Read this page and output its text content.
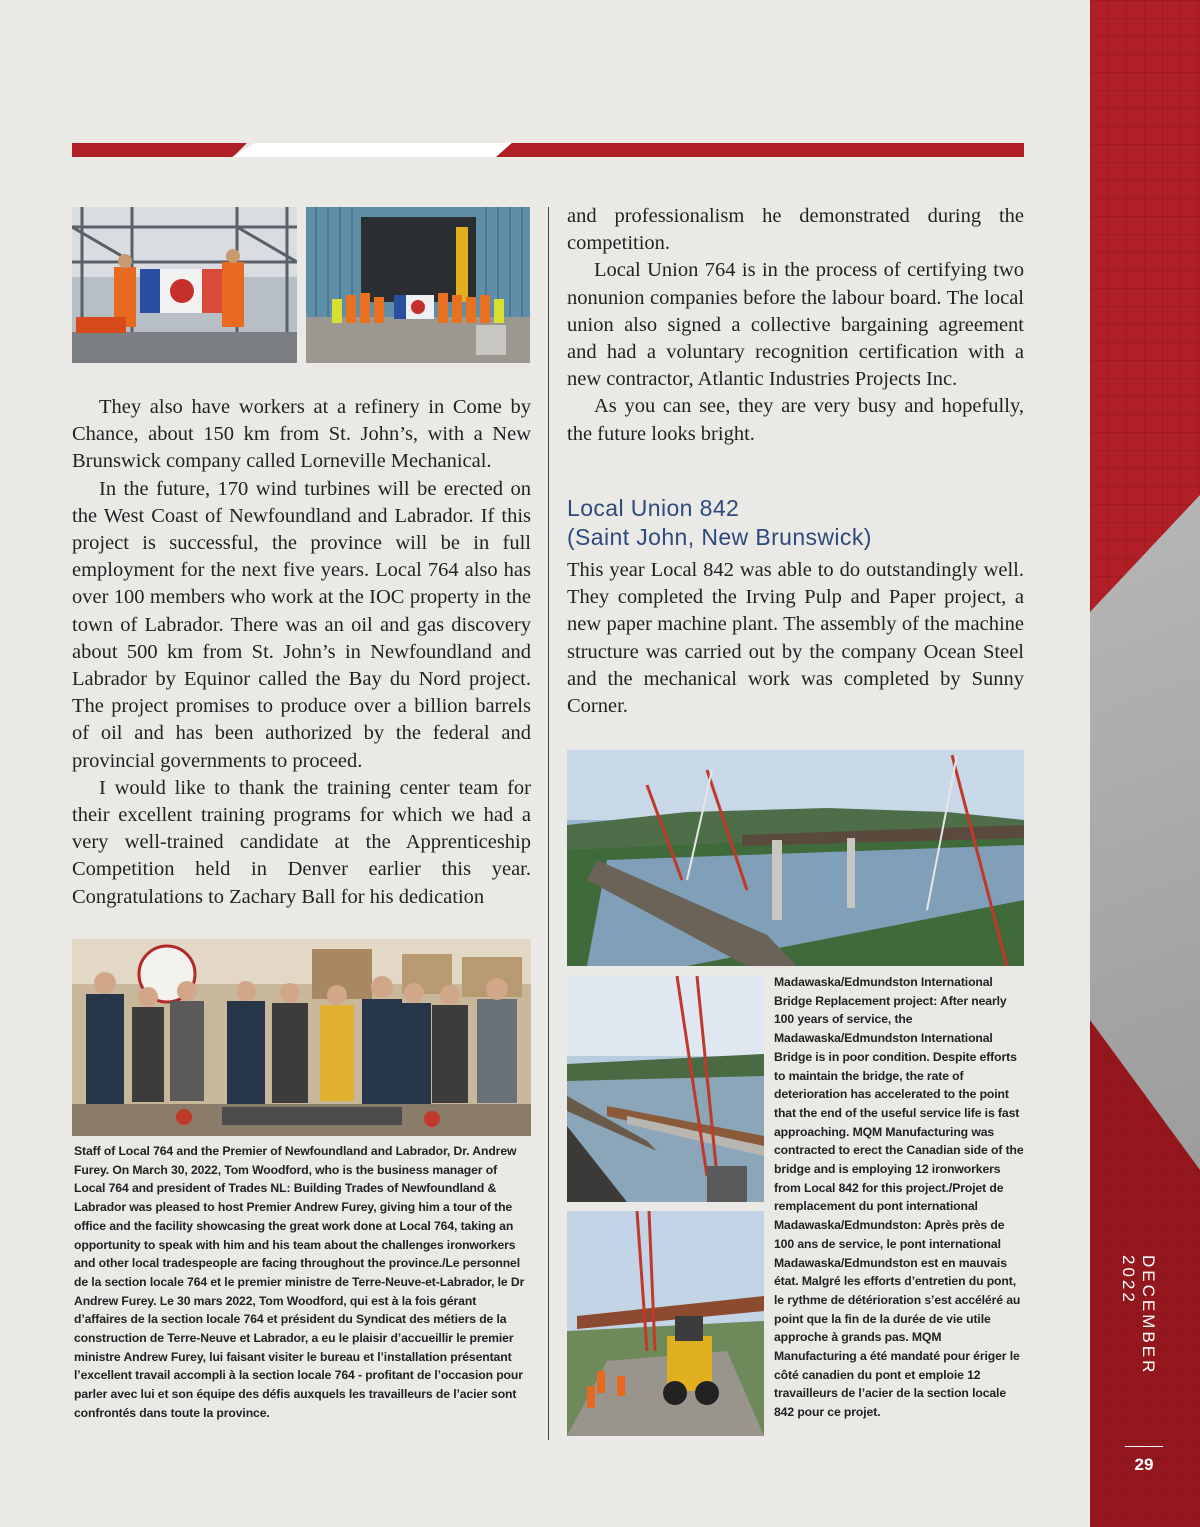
DECEMBER 2022
29

They also have workers at a refinery in Come by Chance, about 150 km from St. John’s, with a New Brunswick company called Lorneville Mechanical.

In the future, 170 wind turbines will be erected on the West Coast of Newfoundland and Labrador. If this project is successful, the province will be in full employment for the next five years. Local 764 also has over 100 members who work at the IOC property in the town of Labrador. There was an oil and gas discovery about 500 km from St. John’s in Newfoundland and Labrador by Equinor called the Bay du Nord project. The project promises to produce over a billion barrels of oil and has been authorized by the federal and provincial governments to proceed.

I would like to thank the training center team for their excellent training programs for which we had a very well-trained candidate at the Apprenticeship Competition held in Denver earlier this year. Congratulations to Zachary Ball for his dedication

Staff of Local 764 and the Premier of Newfoundland and Labrador, Dr. Andrew Furey. On March 30, 2022, Tom Woodford, who is the business manager of Local 764 and president of Trades NL: Building Trades of Newfoundland & Labrador was pleased to host Premier Andrew Furey, giving him a tour of the office and the facility showcasing the great work done at Local 764, taking an opportunity to speak with him and his team about the challenges ironworkers and other local tradespeople are facing throughout the province./Le personnel de la section locale 764 et le premier ministre de Terre-Neuve-et-Labrador, le Dr Andrew Furey. Le 30 mars 2022, Tom Woodford, qui est à la fois gérant d’affaires de la section locale 764 et président du Syndicat des métiers de la construction de Terre-Neuve et Labrador, a eu le plaisir d’accueillir le premier ministre Andrew Furey, lui faisant visiter le bureau et l’installation présentant l’excellent travail accompli à la section locale 764 - profitant de l’occasion pour parler avec lui et son équipe des défis auxquels les travailleurs de l’acier sont confrontés dans toute la province.

and professionalism he demonstrated during the competition.

Local Union 764 is in the process of certifying two nonunion companies before the labour board. The local union also signed a collective bargaining agreement and had a voluntary recognition certification with a new contractor, Atlantic Industries Projects Inc.

As you can see, they are very busy and hopefully, the future looks bright.

Local Union 842
(Saint John, New Brunswick)

This year Local 842 was able to do outstandingly well. They completed the Irving Pulp and Paper project, a new paper machine plant. The assembly of the machine structure was carried out by the company Ocean Steel and the mechanical work was completed by Sunny Corner.

Madawaska/Edmundston International Bridge Replacement project: After nearly 100 years of service, the Madawaska/Edmundston International Bridge is in poor condition. Despite efforts to maintain the bridge, the rate of deterioration has accelerated to the point that the end of the useful service life is fast approaching. MQM Manufacturing was contracted to erect the Canadian side of the bridge and is employing 12 ironworkers from Local 842 for this project./Projet de remplacement du pont international Madawaska/Edmundston: Après près de 100 ans de service, le pont international Madawaska/Edmundston est en mauvais état. Malgré les efforts d’entretien du pont, le rythme de détérioration s’est accéléré au point que la fin de la durée de vie utile approche à grands pas. MQM Manufacturing a été mandaté pour ériger le côté canadien du pont et emploie 12 travailleurs de l’acier de la section locale 842 pour ce projet.
